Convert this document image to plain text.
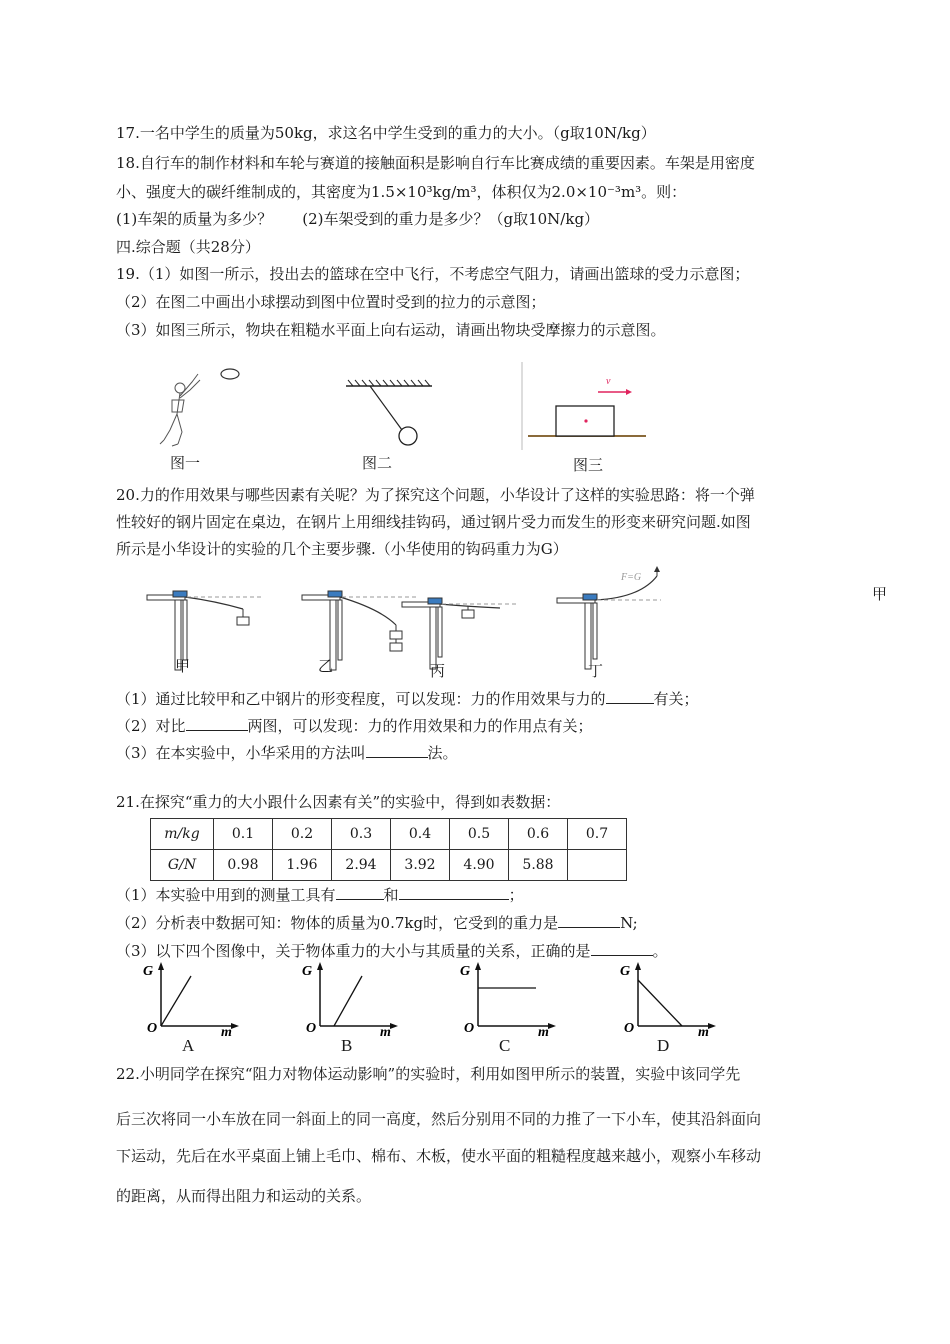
17.一名中学生的质量为50kg，求这名中学生受到的重力的大小。（g取10N/kg）
18.自行车的制作材料和车轮与赛道的接触面积是影响自行车比赛成绩的重要因素。车架是用密度
小、强度大的碳纤维制成的，其密度为1.5×10³kg/m³，体积仅为2.0×10⁻³m³。则：
(1)车架的质量为多少？　　(2)车架受到的重力是多少？（g取10N/kg）
四.综合题（共28分）
19.（1）如图一所示，投出去的篮球在空中飞行，不考虑空气阻力，请画出篮球的受力示意图；
（2）在图二中画出小球摆动到图中位置时受到的拉力的示意图；
（3）如图三所示，物块在粗糙水平面上向右运动，请画出物块受摩擦力的示意图。
图一	图二
v
图三
20.力的作用效果与哪些因素有关呢？为了探究这个问题，小华设计了这样的实验思路：将一个弹
性较好的钢片固定在桌边，在钢片上用细线挂钩码，通过钢片受力而发生的形变来研究问题.如图
所示是小华设计的实验的几个主要步骤.（小华使用的钩码重力为G）
甲
甲	乙	丙
F=G
丁
（1）通过比较甲和乙中钢片的形变程度，可以发现：力的作用效果与力的	有关；
（2）对比	两图，可以发现：力的作用效果和力的作用点有关；
（3）在本实验中，小华采用的方法叫	法。
21.在探究“重力的大小跟什么因素有关”的实验中，得到如表数据：
m/kg	0.1	0.2	0.3	0.4	0.5	0.6	0.7
G/N	0.98	1.96	2.94	3.92	4.90	5.88	
（1）本实验中用到的测量工具有	和	；
（2）分析表中数据可知：物体的质量为0.7kg时，它受到的重力是	N;
（3）以下四个图像中，关于物体重力的大小与其质量的关系，正确的是	。
G
O	m
A
G
O	m
B
G
O	m
C
G
O	m
D
22.小明同学在探究“阻力对物体运动影响”的实验时，利用如图甲所示的装置，实验中该同学先
后三次将同一小车放在同一斜面上的同一高度，然后分别用不同的力推了一下小车，使其沿斜面向
下运动，先后在水平桌面上铺上毛巾、棉布、木板，使水平面的粗糙程度越来越小，观察小车移动
的距离，从而得出阻力和运动的关系。
